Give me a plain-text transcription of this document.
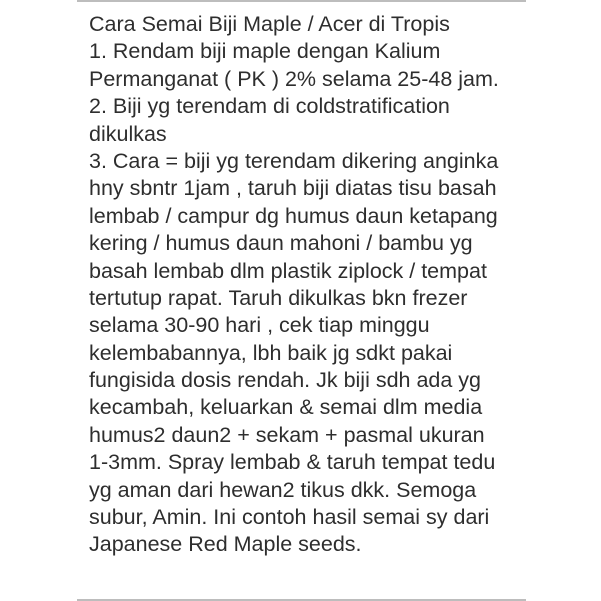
Cara Semai Biji Maple / Acer di Tropis
1. Rendam biji maple dengan Kalium
Permanganat ( PK ) 2% selama 25-48 jam.
2. Biji yg terendam di coldstratification
dikulkas
3. Cara = biji yg terendam dikering anginka
hny sbntr 1jam , taruh biji diatas tisu basah
lembab / campur dg humus daun ketapang
kering / humus daun mahoni / bambu yg
basah lembab dlm plastik ziplock / tempat
tertutup rapat. Taruh dikulkas bkn frezer
selama 30-90 hari , cek tiap minggu
kelembabannya, lbh baik jg sdkt pakai
fungisida dosis rendah. Jk biji sdh ada yg
kecambah, keluarkan & semai dlm media
humus2 daun2 + sekam + pasmal ukuran
1-3mm. Spray lembab & taruh tempat tedu
yg aman dari hewan2 tikus dkk. Semoga
subur, Amin. Ini contoh hasil semai sy dari
Japanese Red Maple seeds.
